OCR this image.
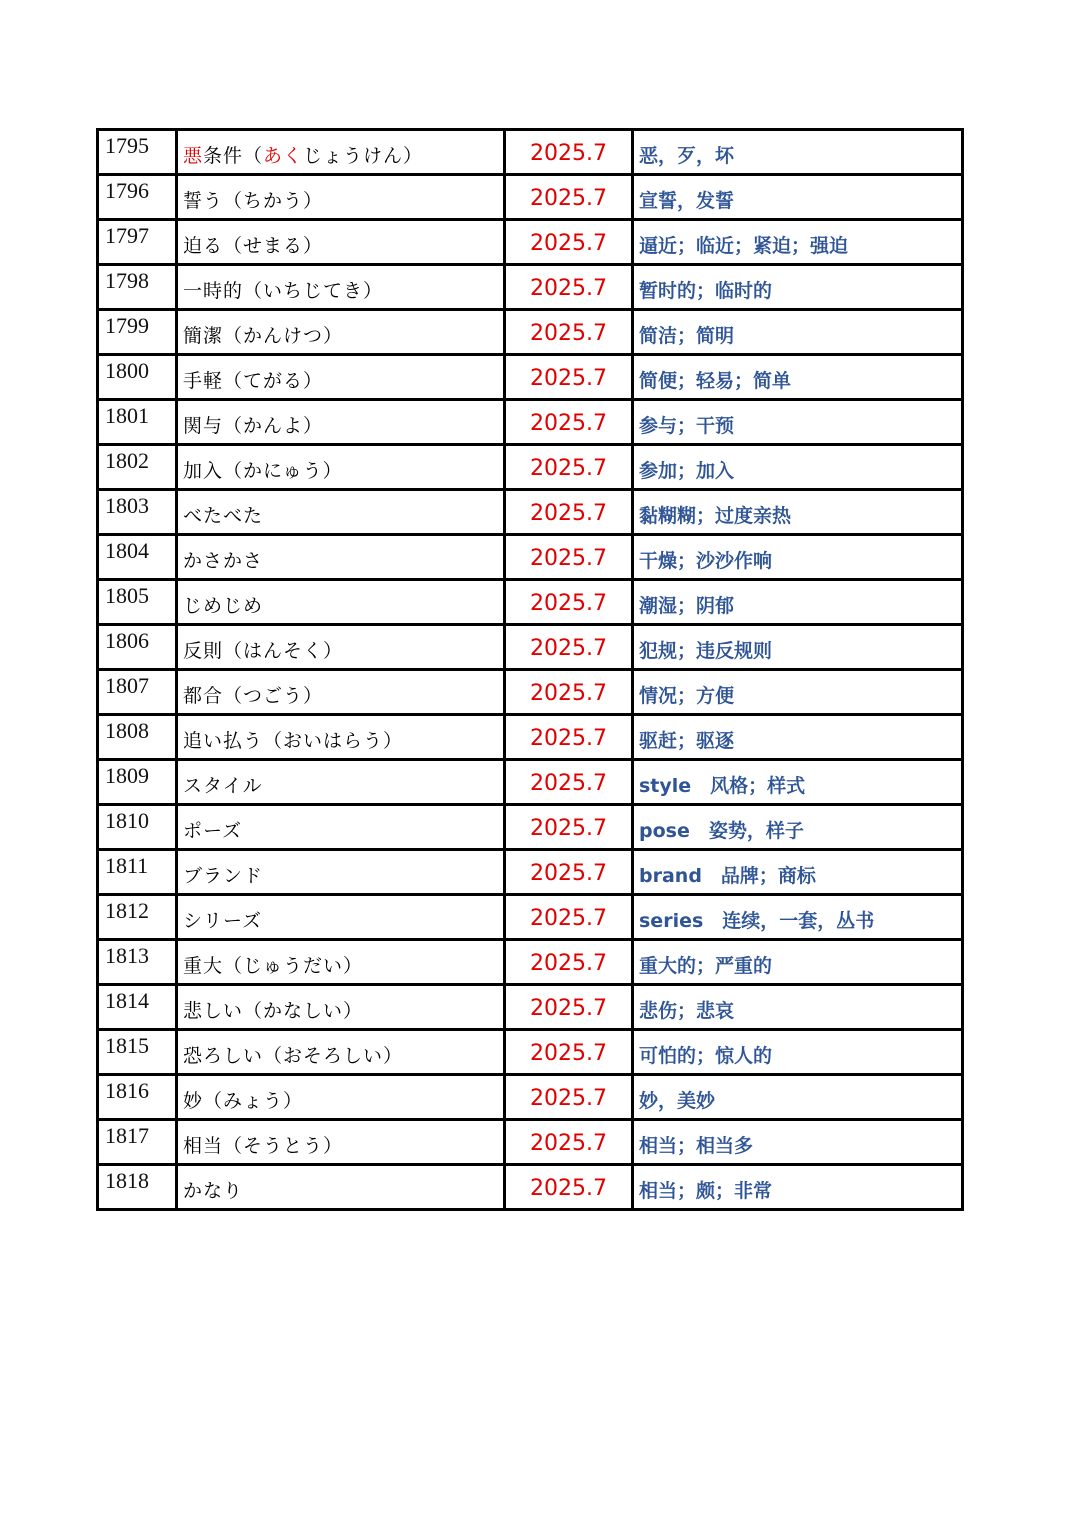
1795	悪条件（あくじょうけん）	2025.7	恶，歹，坏
1796	誓う（ちかう）	2025.7	宣誓，发誓
1797	迫る（せまる）	2025.7	逼近；临近；紧迫；强迫
1798	一時的（いちじてき）	2025.7	暂时的；临时的
1799	簡潔（かんけつ）	2025.7	简洁；简明
1800	手軽（てがる）	2025.7	简便；轻易；简单
1801	関与（かんよ）	2025.7	参与；干预
1802	加入（かにゅう）	2025.7	参加；加入
1803	べたべた	2025.7	黏糊糊；过度亲热
1804	かさかさ	2025.7	干燥；沙沙作响
1805	じめじめ	2025.7	潮湿；阴郁
1806	反則（はんそく）	2025.7	犯规；违反规则
1807	都合（つごう）	2025.7	情况；方便
1808	追い払う（おいはらう）	2025.7	驱赶；驱逐
1809	スタイル	2025.7	style　风格；样式
1810	ポーズ	2025.7	pose　姿势，样子
1811	ブランド	2025.7	brand　品牌；商标
1812	シリーズ	2025.7	series　连续，一套，丛书
1813	重大（じゅうだい）	2025.7	重大的；严重的
1814	悲しい（かなしい）	2025.7	悲伤；悲哀
1815	恐ろしい（おそろしい）	2025.7	可怕的；惊人的
1816	妙（みょう）	2025.7	妙，美妙
1817	相当（そうとう）	2025.7	相当；相当多
1818	かなり	2025.7	相当；颇；非常
